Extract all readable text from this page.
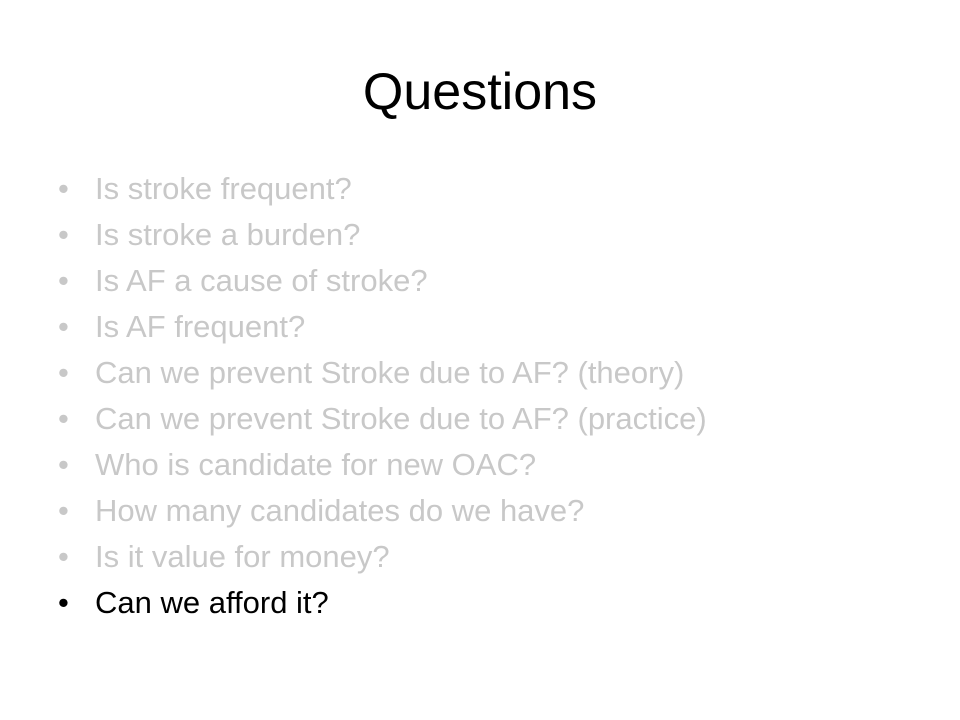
Questions
• Is stroke frequent?
• Is stroke a burden?
• Is AF a cause of stroke?
• Is AF frequent?
• Can we prevent Stroke due to AF? (theory)
• Can we prevent Stroke due to AF? (practice)
• Who is candidate for new OAC?
• How many candidates do we have?
• Is it value for money?
• Can we afford it?
